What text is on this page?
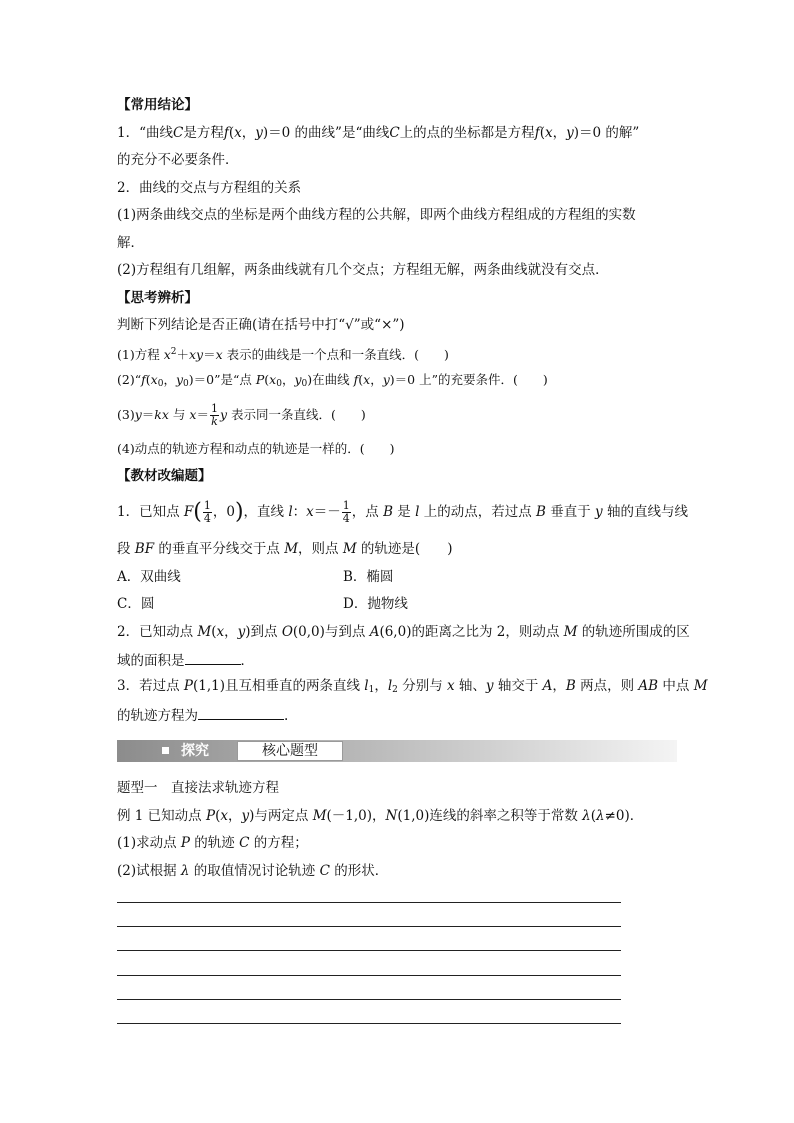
【常用结论】
1．“曲线C是方程f(x，y)＝0 的曲线”是“曲线C上的点的坐标都是方程f(x，y)＝0 的解”
的充分不必要条件．
2．曲线的交点与方程组的关系
(1)两条曲线交点的坐标是两个曲线方程的公共解，即两个曲线方程组成的方程组的实数
解．
(2)方程组有几组解，两条曲线就有几个交点；方程组无解，两条曲线就没有交点．
【思考辨析】
判断下列结论是否正确(请在括号中打“√”或“×”)
(1)方程 $x^2+xy=x$ 表示的曲线是一个点和一条直线．(　　)
$(2)“f(x_0$，$y_0)=0$”是“点 $P(x_0$，$y_0$)在曲线 f(x，y)＝0 上”的充要条件．(　　)
(3)y＝kx 与 $x= \frac{1}{k}$ y 表示同一条直线．(　　)
(4)动点的轨迹方程和动点的轨迹是一样的．(　　)
【教材改编题】
1．已知点 $F( \frac{1}{4}$ ，0)，直线 l：$x=- \frac{1}{4}$ ，点 B 是 l 上的动点，若过点 B 垂直于 y 轴的直线与线
段 BF 的垂直平分线交于点 M，则点 M 的轨迹是(　　)
A．双曲线	B．椭圆
C．圆	D．抛物线
2．已知动点 M(x，y)到点 O(0,0)与到点 A(6,0)的距离之比为 2，则动点 M 的轨迹所围成的区
域的面积是	．
3．若过点 P(1,1)且互相垂直的两条直线 $l_1$，$l_2$ 分别与 x 轴、y 轴交于 A，B 两点，则 AB 中点 M
的轨迹方程为	.
探究	核心题型
题型一　直接法求轨迹方程
例 1 已知动点 P(x，y)与两定点 M(－1,0)，N(1,0)连线的斜率之积等于常数 λ(λ≠0)．
(1)求动点 P 的轨迹 C 的方程；
(2)试根据 λ 的取值情况讨论轨迹 C 的形状．
